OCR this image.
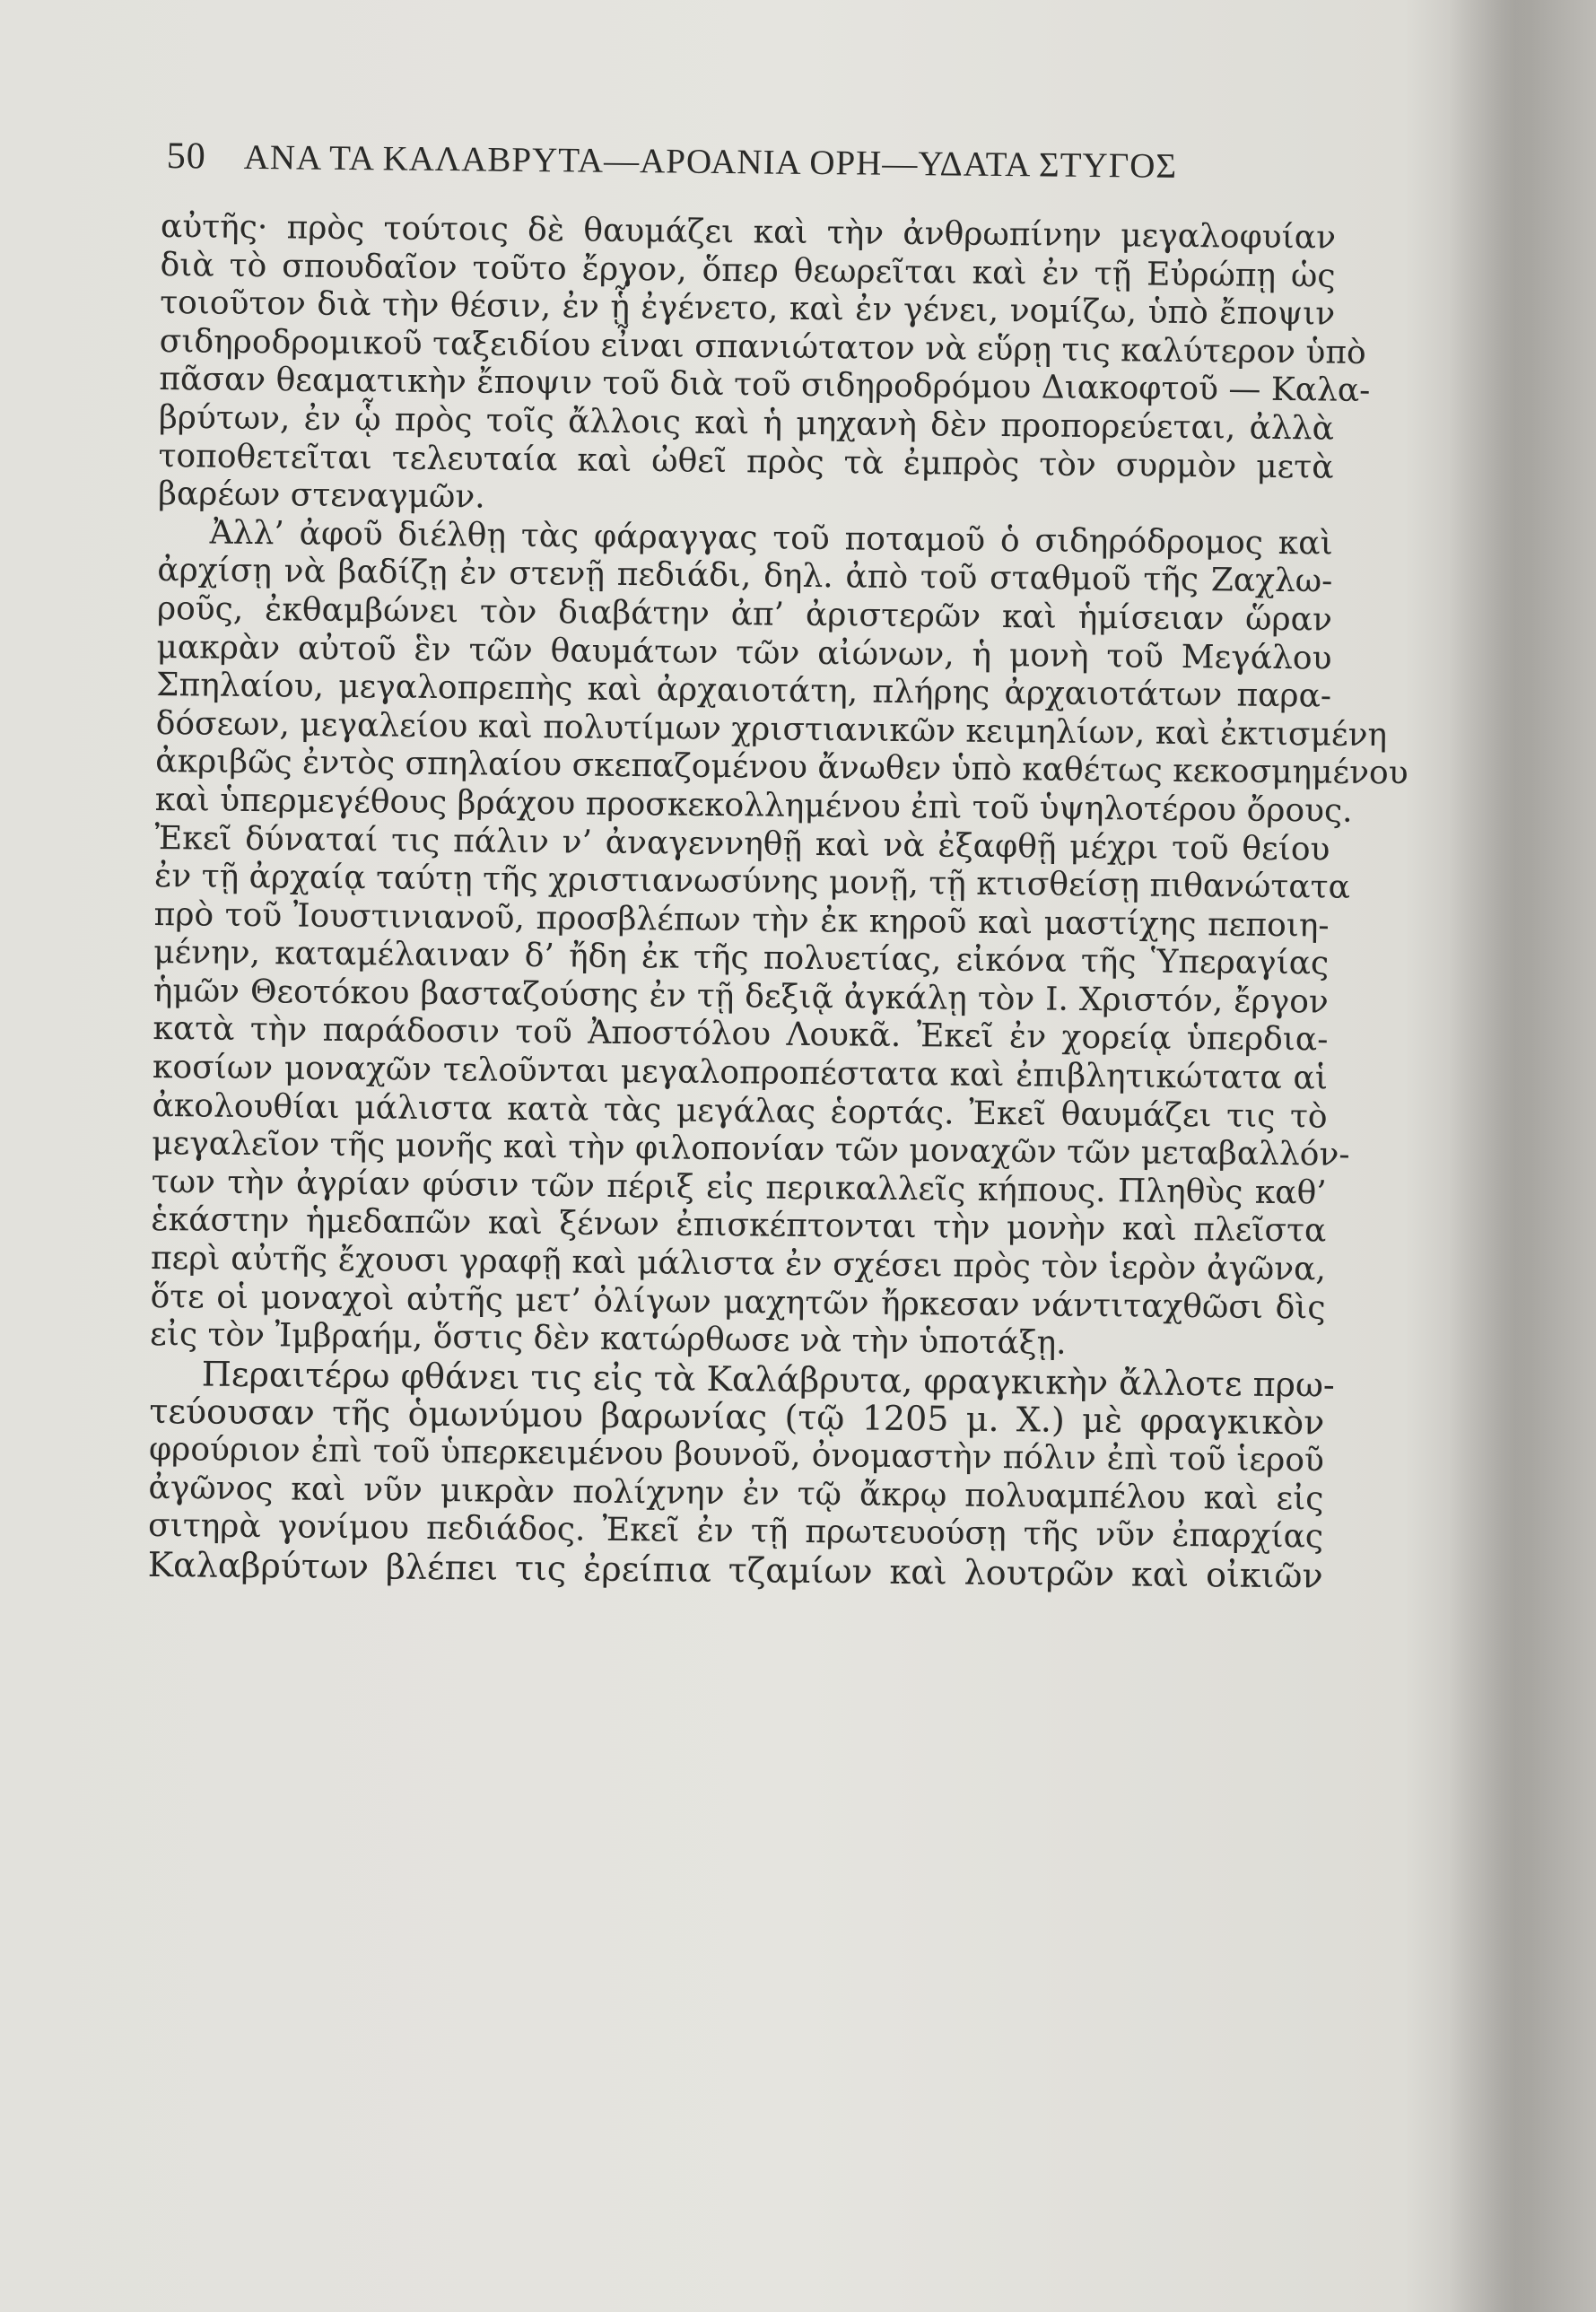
50 ΑΝΑ ΤΑ ΚΑΛΑΒΡΥΤΑ—ΑΡΟΑΝΙΑ ΟΡΗ—ΥΔΑΤΑ ΣΤΥΓΟΣ
αὐτῆς· πρὸς τούτοις δὲ θαυμάζει καὶ τὴν ἀνθρωπίνην μεγαλοφυίαν
διὰ τὸ σπουδαῖον τοῦτο ἔργον, ὅπερ θεωρεῖται καὶ ἐν τῇ Εὐρώπῃ ὡς
τοιοῦτον διὰ τὴν θέσιν, ἐν ᾗ ἐγένετο, καὶ ἐν γένει, νομίζω, ὑπὸ ἔποψιν
σιδηροδρομικοῦ ταξειδίου εἶναι σπανιώτατον νὰ εὕρῃ τις καλύτερον ὑπὸ
πᾶσαν θεαματικὴν ἔποψιν τοῦ διὰ τοῦ σιδηροδρόμου Διακοφτοῦ — Καλα-
βρύτων, ἐν ᾧ πρὸς τοῖς ἄλλοις καὶ ἡ μηχανὴ δὲν προπορεύεται, ἀλλὰ
τοποθετεῖται τελευταία καὶ ὠθεῖ πρὸς τὰ ἐμπρὸς τὸν συρμὸν μετὰ
βαρέων στεναγμῶν.
Ἀλλ’ ἀφοῦ διέλθῃ τὰς φάραγγας τοῦ ποταμοῦ ὁ σιδηρόδρομος καὶ
ἀρχίσῃ νὰ βαδίζῃ ἐν στενῇ πεδιάδι, δηλ. ἀπὸ τοῦ σταθμοῦ τῆς Ζαχλω-
ροῦς, ἐκθαμβώνει τὸν διαβάτην ἀπ’ ἀριστερῶν καὶ ἡμίσειαν ὥραν
μακρὰν αὐτοῦ ἓν τῶν θαυμάτων τῶν αἰώνων, ἡ μονὴ τοῦ Μεγάλου
Σπηλαίου, μεγαλοπρεπὴς καὶ ἀρχαιοτάτη, πλήρης ἀρχαιοτάτων παρα-
δόσεων, μεγαλείου καὶ πολυτίμων χριστιανικῶν κειμηλίων, καὶ ἐκτισμένη
ἀκριβῶς ἐντὸς σπηλαίου σκεπαζομένου ἄνωθεν ὑπὸ καθέτως κεκοσμημένου
καὶ ὑπερμεγέθους βράχου προσκεκολλημένου ἐπὶ τοῦ ὑψηλοτέρου ὄρους.
Ἐκεῖ δύναταί τις πάλιν ν’ ἀναγεννηθῇ καὶ νὰ ἐξαφθῇ μέχρι τοῦ θείου
ἐν τῇ ἀρχαίᾳ ταύτῃ τῆς χριστιανωσύνης μονῇ, τῇ κτισθείσῃ πιθανώτατα
πρὸ τοῦ Ἰουστινιανοῦ, προσβλέπων τὴν ἐκ κηροῦ καὶ μαστίχης πεποιη-
μένην, καταμέλαιναν δ’ ἤδη ἐκ τῆς πολυετίας, εἰκόνα τῆς Ὑπεραγίας
ἡμῶν Θεοτόκου βασταζούσης ἐν τῇ δεξιᾷ ἀγκάλῃ τὸν Ι. Χριστόν, ἔργον
κατὰ τὴν παράδοσιν τοῦ Ἀποστόλου Λουκᾶ. Ἐκεῖ ἐν χορείᾳ ὑπερδια-
κοσίων μοναχῶν τελοῦνται μεγαλοπροπέστατα καὶ ἐπιβλητικώτατα αἱ
ἀκολουθίαι μάλιστα κατὰ τὰς μεγάλας ἑορτάς. Ἐκεῖ θαυμάζει τις τὸ
μεγαλεῖον τῆς μονῆς καὶ τὴν φιλοπονίαν τῶν μοναχῶν τῶν μεταβαλλόν-
των τὴν ἀγρίαν φύσιν τῶν πέριξ εἰς περικαλλεῖς κήπους. Πληθὺς καθ’
ἑκάστην ἡμεδαπῶν καὶ ξένων ἐπισκέπτονται τὴν μονὴν καὶ πλεῖστα
περὶ αὐτῆς ἔχουσι γραφῇ καὶ μάλιστα ἐν σχέσει πρὸς τὸν ἱερὸν ἀγῶνα,
ὅτε οἱ μοναχοὶ αὐτῆς μετ’ ὀλίγων μαχητῶν ἤρκεσαν νάντιταχθῶσι δὶς
εἰς τὸν Ἰμβραήμ, ὅστις δὲν κατώρθωσε νὰ τὴν ὑποτάξῃ.
Περαιτέρω φθάνει τις εἰς τὰ Καλάβρυτα, φραγκικὴν ἄλλοτε πρω-
τεύουσαν τῆς ὁμωνύμου βαρωνίας (τῷ 1205 μ. Χ.) μὲ φραγκικὸν
φρούριον ἐπὶ τοῦ ὑπερκειμένου βουνοῦ, ὀνομαστὴν πόλιν ἐπὶ τοῦ ἱεροῦ
ἀγῶνος καὶ νῦν μικρὰν πολίχνην ἐν τῷ ἄκρῳ πολυαμπέλου καὶ εἰς
σιτηρὰ γονίμου πεδιάδος. Ἐκεῖ ἐν τῇ πρωτευούσῃ τῆς νῦν ἐπαρχίας
Καλαβρύτων βλέπει τις ἐρείπια τζαμίων καὶ λουτρῶν καὶ οἰκιῶν
